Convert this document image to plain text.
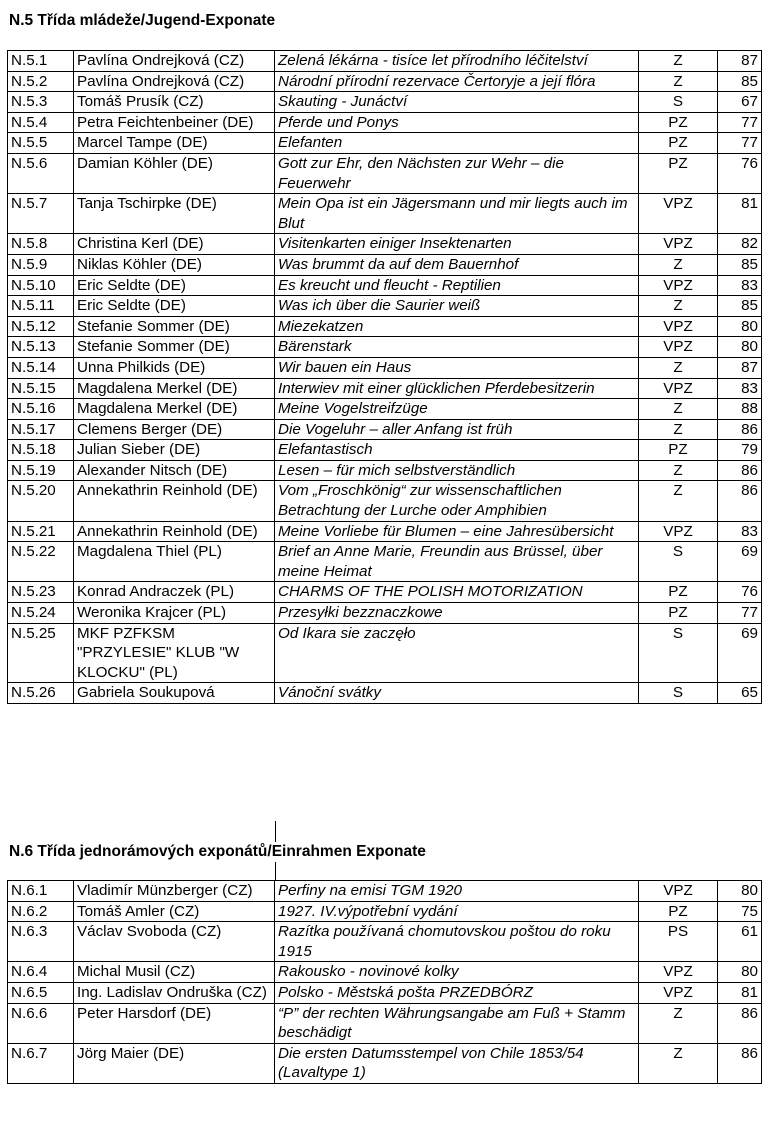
N.5 Třída mládeže/Jugend-Exponate
N.5.1	Pavlína Ondrejková (CZ)	Zelená lékárna - tisíce let přírodního léčitelství	Z	87
N.5.2	Pavlína Ondrejková (CZ)	Národní přírodní rezervace Čertoryje a její flóra	Z	85
N.5.3	Tomáš Prusík (CZ)	Skauting - Junáctví	S	67
N.5.4	Petra Feichtenbeiner (DE)	Pferde und Ponys	PZ	77
N.5.5	Marcel Tampe (DE)	Elefanten	PZ	77
N.5.6	Damian Köhler (DE)	Gott zur Ehr, den Nächsten zur Wehr – die Feuerwehr	PZ	76
N.5.7	Tanja Tschirpke (DE)	Mein Opa ist ein Jägersmann und mir liegts auch im Blut	VPZ	81
N.5.8	Christina Kerl (DE)	Visitenkarten einiger Insektenarten	VPZ	82
N.5.9	Niklas Köhler (DE)	Was brummt da auf dem Bauernhof	Z	85
N.5.10	Eric Seldte (DE)	Es kreucht und fleucht - Reptilien	VPZ	83
N.5.11	Eric Seldte (DE)	Was ich über die Saurier weiß	Z	85
N.5.12	Stefanie Sommer (DE)	Miezekatzen	VPZ	80
N.5.13	Stefanie Sommer (DE)	Bärenstark	VPZ	80
N.5.14	Unna Philkids (DE)	Wir bauen ein Haus	Z	87
N.5.15	Magdalena Merkel (DE)	Interwiev mit einer glücklichen Pferdebesitzerin	VPZ	83
N.5.16	Magdalena Merkel (DE)	Meine Vogelstreifzüge	Z	88
N.5.17	Clemens Berger (DE)	Die Vogeluhr – aller Anfang ist früh	Z	86
N.5.18	Julian Sieber (DE)	Elefantastisch	PZ	79
N.5.19	Alexander Nitsch (DE)	Lesen – für mich selbstverständlich	Z	86
N.5.20	Annekathrin Reinhold (DE)	Vom „Froschkönig“ zur wissenschaftlichen Betrachtung der Lurche oder Amphibien	Z	86
N.5.21	Annekathrin Reinhold (DE)	Meine Vorliebe für Blumen – eine Jahresübersicht	VPZ	83
N.5.22	Magdalena Thiel (PL)	Brief an Anne Marie, Freundin aus Brüssel, über meine Heimat	S	69
N.5.23	Konrad Andraczek (PL)	CHARMS OF THE POLISH MOTORIZATION	PZ	76
N.5.24	Weronika Krajcer (PL)	Przesyłki bezznaczkowe	PZ	77
N.5.25	MKF PZFKSM "PRZYLESIE" KLUB "W KLOCKU" (PL)	Od Ikara sie zaczęło	S	69
N.5.26	Gabriela Soukupová	Vánoční svátky	S	65
N.6 Třída jednorámových exponátů/Einrahmen Exponate
N.6.1	Vladimír Münzberger (CZ)	Perfiny na emisi TGM 1920	VPZ	80
N.6.2	Tomáš Amler (CZ)	1927. IV.výpotřební vydání	PZ	75
N.6.3	Václav Svoboda (CZ)	Razítka používaná chomutovskou poštou do roku 1915	PS	61
N.6.4	Michal Musil (CZ)	Rakousko - novinové kolky	VPZ	80
N.6.5	Ing. Ladislav Ondruška (CZ)	Polsko - Městská pošta PRZEDBÓRZ	VPZ	81
N.6.6	Peter Harsdorf (DE)	“P” der rechten Währungsangabe am Fuß + Stamm beschädigt	Z	86
N.6.7	Jörg Maier (DE)	Die ersten Datumsstempel von Chile 1853/54 (Lavaltype 1)	Z	86
